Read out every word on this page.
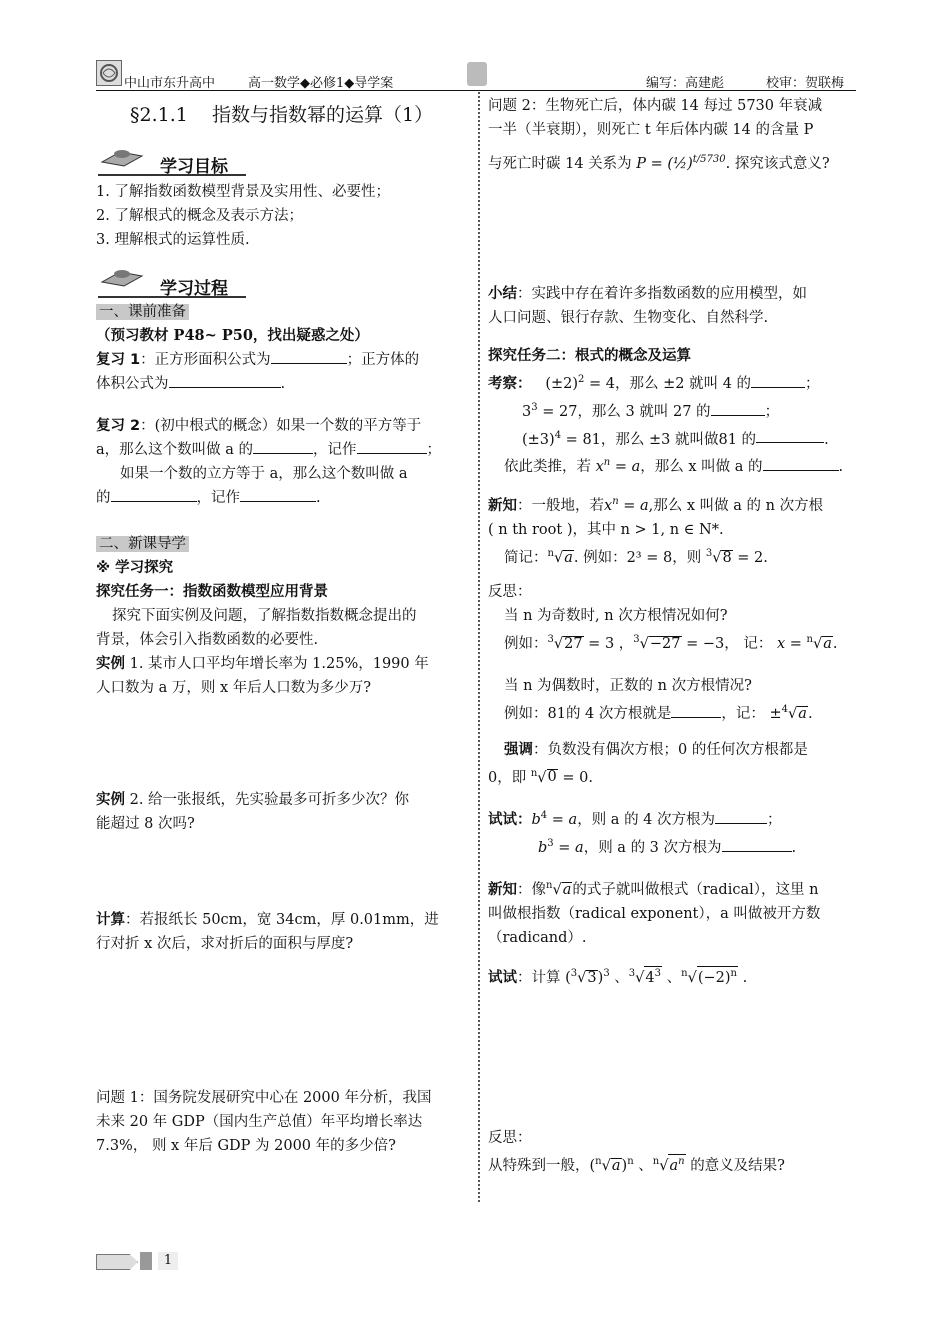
中山市东升高中	高一数学◆必修1◆导学案	编写：高建彪	校审：贺联梅
§2.1.1    指数与指数幂的运算（1）
学习目标
1. 了解指数函数模型背景及实用性、必要性；
2. 了解根式的概念及表示方法；
3. 理解根式的运算性质.
学习过程
一、课前准备
（预习教材 P48~ P50，找出疑惑之处）
复习 1：正方形面积公式为	；正方体的
体积公式为	.
复习 2：(初中根式的概念）如果一个数的平方等于
a，那么这个数叫做 a 的	，记作	；
如果一个数的立方等于 a，那么这个数叫做 a
的	，记作	.
二、新课导学
※ 学习探究
探究任务一：指数函数模型应用背景
探究下面实例及问题，了解指数指数概念提出的
背景，体会引入指数函数的必要性.
实例 1. 某市人口平均年增长率为 1.25%，1990 年
人口数为 a 万，则 x 年后人口数为多少万?
实例 2. 给一张报纸，先实验最多可折多少次？你
能超过 8 次吗?
计算：若报纸长 50cm，宽 34cm，厚 0.01mm，进
行对折 x 次后，求对折后的面积与厚度?
问题 1：国务院发展研究中心在 2000 年分析，我国
未来 20 年 GDP（国内生产总值）年平均增长率达
7.3%， 则 x 年后 GDP 为 2000 年的多少倍?
问题 2：生物死亡后，体内碳 14 每过 5730 年衰减
一半（半衰期），则死亡 t 年后体内碳 14 的含量 P
与死亡时碳 14 关系为 P = (½)$^{t/5730}$. 探究该式意义?
小结：实践中存在着许多指数函数的应用模型，如
人口问题、银行存款、生物变化、自然科学.
探究任务二：根式的概念及运算
考察：   $(\pm 2)^2 = 4$，那么 ±2 就叫 4 的	；
$3^3 = 27$，那么 3 就叫 27 的	；
$(\pm 3)^4 = 81$，那么 ±3 就叫做81 的	.
依此类推，若 $x^n = a$，那么 x 叫做 a 的	.
新知：一般地，若$x^n = a$,那么 x 叫做 a 的 n 次方根
( n th root )，其中 n > 1, n ∈ N*.
简记：$^n$√a. 例如：2³ = 8，则 $^3$√8 = 2.
反思：
当 n 为奇数时, n 次方根情况如何?
例如：$^3$√27 = 3 ，$^3$√−27 = −3， 记： x = $^n$√a.
当 n 为偶数时，正数的 n 次方根情况?
例如：81的 4 次方根就是	，记： ±$^4$√a.
强调：负数没有偶次方根；0 的任何次方根都是
0，即 $^n$√0 = 0.
试试：$b^4 = a$，则 a 的 4 次方根为	；
$b^3 = a$，则 a 的 3 次方根为	.
新知：像$^n$√a的式子就叫做根式（radical），这里 n
叫做根指数（radical exponent），a 叫做被开方数
（radicand）.
试试：计算 $(^3√3)^3$ 、$^3√4^3$ 、$^n√(-2)^n$ .
反思：
从特殊到一般，$(^n√a)^n$ 、$^n√a^n$ 的意义及结果?
1
